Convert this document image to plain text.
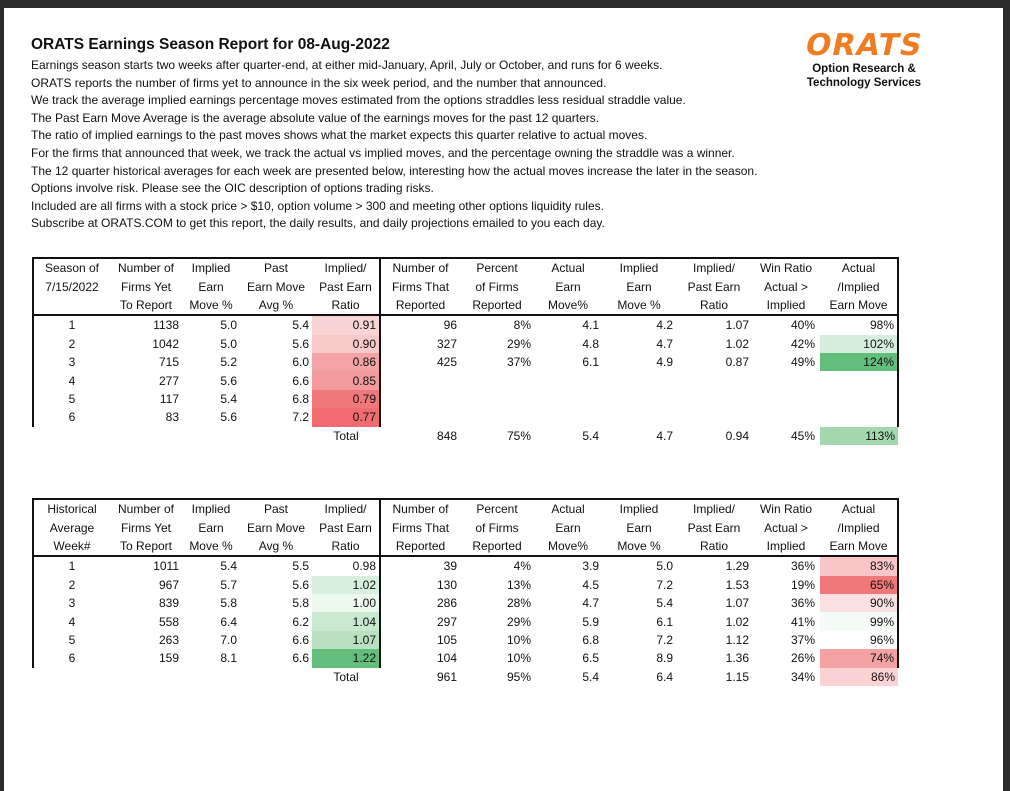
ORATS Earnings Season Report for 08-Aug-2022
Earnings season starts two weeks after quarter-end, at either mid-January, April, July or October, and runs for 6 weeks.
ORATS reports the number of firms yet to announce in the six week period, and the number that announced.
We track the average implied earnings percentage moves estimated from the options straddles less residual straddle value.
The Past Earn Move Average is the average absolute value of the earnings moves for the past 12 quarters.
The ratio of implied earnings to the past moves shows what the market expects this quarter relative to actual moves.
For the firms that announced that week, we track the actual vs implied moves, and the percentage owning the straddle was a winner.
The 12 quarter historical averages for each week are presented below, interesting how the actual moves increase the later in the season.
Options involve risk. Please see the OIC description of options trading risks.
Included are all firms with a stock price > $10, option volume > 300 and meeting other options liquidity rules.
Subscribe at ORATS.COM to get this report, the daily results, and daily projections emailed to you each day.
ORATS
Option Research &
Technology Services
Season of	Number of	Implied	Past	Implied/	Number of	Percent	Actual	Implied	Implied/	Win Ratio	Actual
7/15/2022	Firms Yet	Earn	Earn Move	Past Earn	Firms That	of Firms	Earn	Earn	Past Earn	Actual >	/Implied
	To Report	Move %	Avg %	Ratio	Reported	Reported	Move%	Move %	Ratio	Implied	Earn Move
1	1138	5.0	5.4	0.91	96	8%	4.1	4.2	1.07	40%	98%
2	1042	5.0	5.6	0.90	327	29%	4.8	4.7	1.02	42%	102%
3	715	5.2	6.0	0.86	425	37%	6.1	4.9	0.87	49%	124%
4	277	5.6	6.6	0.85							
5	117	5.4	6.8	0.79							
6	83	5.6	7.2	0.77							
				Total	848	75%	5.4	4.7	0.94	45%	113%
Historical	Number of	Implied	Past	Implied/	Number of	Percent	Actual	Implied	Implied/	Win Ratio	Actual
Average	Firms Yet	Earn	Earn Move	Past Earn	Firms That	of Firms	Earn	Earn	Past Earn	Actual >	/Implied
Week#	To Report	Move %	Avg %	Ratio	Reported	Reported	Move%	Move %	Ratio	Implied	Earn Move
1	1011	5.4	5.5	0.98	39	4%	3.9	5.0	1.29	36%	83%
2	967	5.7	5.6	1.02	130	13%	4.5	7.2	1.53	19%	65%
3	839	5.8	5.8	1.00	286	28%	4.7	5.4	1.07	36%	90%
4	558	6.4	6.2	1.04	297	29%	5.9	6.1	1.02	41%	99%
5	263	7.0	6.6	1.07	105	10%	6.8	7.2	1.12	37%	96%
6	159	8.1	6.6	1.22	104	10%	6.5	8.9	1.36	26%	74%
				Total	961	95%	5.4	6.4	1.15	34%	86%
